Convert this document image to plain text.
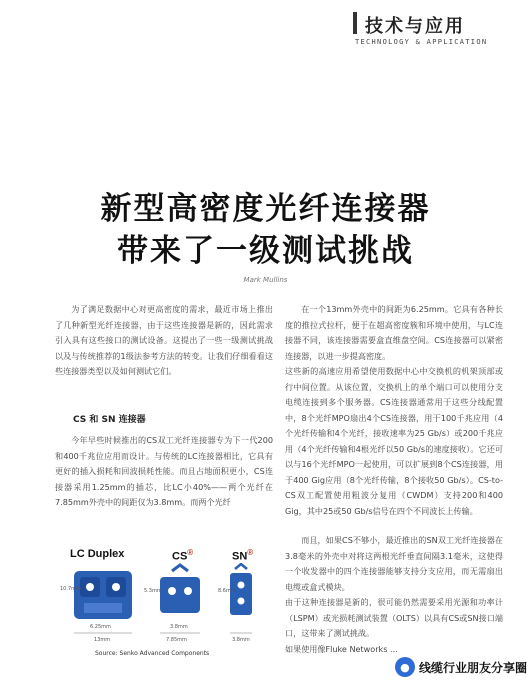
技术与应用
TECHNOLOGY & APPLICATION
新型高密度光纤连接器
带来了一级测试挑战
Mark Mullins

为了满足数据中心对更高密度的需求，最近市场上推出了几种新型光纤连接器，由于这些连接器是新的，因此需求引入具有这些接口的测试设备。这提出了一些一级测试挑战以及与传统推荐的1级法参考方法的转变。让我们仔细看看这些连接器类型以及如何测试它们。

CS 和 SN 连接器

今年早些时候推出的CS双工光纤连接器专为下一代200和400千兆位应用而设计。与传统的LC连接器相比，它具有更好的插入损耗和回波损耗性能。而且占地面积更小，CS连接器采用1.25mm的插芯，比LC小40%——两个光纤在7.85mm外壳中的间距仅为3.8mm。而两个光纤

在一个13mm外壳中的间距为6.25mm。它具有各种长度的推拉式拉杆，便于在超高密度簇和环境中使用，与LC连接器不同，该连接器需要盒直维盘空间。CS连接器可以紧密连接器，以进一步提高密度。
这些新的高速应用希望使用数据中心中交换机的机架顶部或行中间位置。从该位置，交换机上的单个端口可以使用分支电缆连接到多个服务器。CS连接器通常用于这些分线配置中，8个光纤MPO扇出4个CS连接器，用于100千兆应用（4个光纤传输和4个光纤，接收速率为25 Gb/s）或200千兆应用（4个光纤传输和4根光纤以50 Gb/s的速度接收）。它还可以与16个光纤MPO一起使用，可以扩展到8个CS连接器，用于400 Gig应用（8个光纤传输，8个接收50 Gb/s）。CS-to-CS双工配置使用粗波分复用（CWDM）支持200和400 Gig，其中25或50 Gb/s信号在四个不同波长上传输。

而且，如果CS不够小，最近推出的SN双工光纤连接器在3.8毫米的外壳中对将这两根光纤垂直间隔3.1毫米，这使得一个收发器中的四个连接器能够支持分支应用，而无需扇出电缆或盒式模块。
由于这种连接器是新的，很可能仍然需要采用光源和功率计（LSPM）或光损耗测试装置（OLTS）以具有CS或SN接口端口，这带来了测试挑战。
如果使用像Fluke Networks ...

LC Duplex	CS®	SN®
10.7mm
6.25mm
13mm
5.3mm
3.8mm
7.85mm
8.6mm
3.8mm
Source: Senko Advanced Components
● 线缆行业朋友分享圈
